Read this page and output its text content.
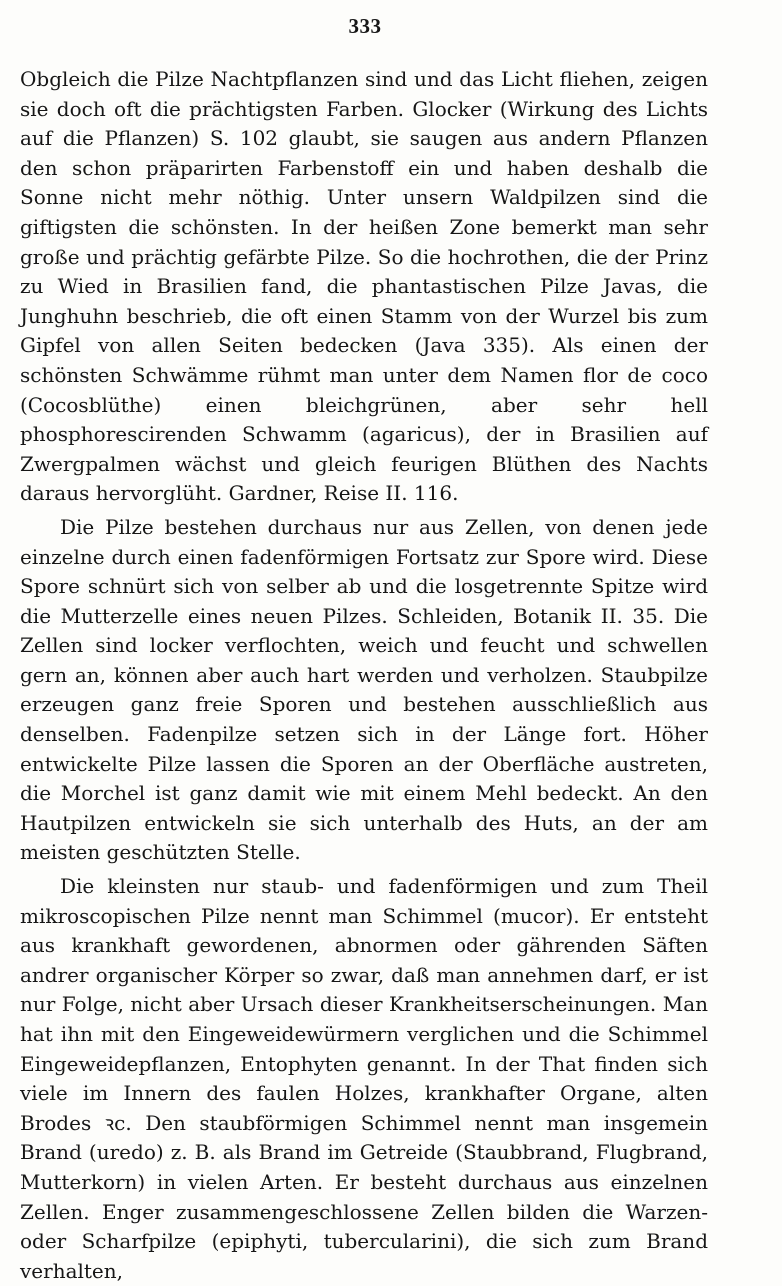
333

Obgleich die Pilze Nachtpflanzen sind und das Licht fliehen, zeigen sie doch oft die prächtigsten Farben. Glocker (Wirkung des Lichts auf die Pflanzen) S. 102 glaubt, sie saugen aus andern Pflanzen den schon präparirten Farbenstoff ein und haben deshalb die Sonne nicht mehr nöthig. Unter unsern Waldpilzen sind die giftigsten die schönsten. In der heißen Zone bemerkt man sehr große und prächtig gefärbte Pilze. So die hochrothen, die der Prinz zu Wied in Brasilien fand, die phantastischen Pilze Javas, die Junghuhn beschrieb, die oft einen Stamm von der Wurzel bis zum Gipfel von allen Seiten bedecken (Java 335). Als einen der schönsten Schwämme rühmt man unter dem Namen flor de coco (Cocosblüthe) einen bleichgrünen, aber sehr hell phosphorescirenden Schwamm (agaricus), der in Brasilien auf Zwergpalmen wächst und gleich feurigen Blüthen des Nachts daraus hervorglüht. Gardner, Reise II. 116.

Die Pilze bestehen durchaus nur aus Zellen, von denen jede einzelne durch einen fadenförmigen Fortsatz zur Spore wird. Diese Spore schnürt sich von selber ab und die losgetrennte Spitze wird die Mutterzelle eines neuen Pilzes. Schleiden, Botanik II. 35. Die Zellen sind locker verflochten, weich und feucht und schwellen gern an, können aber auch hart werden und verholzen. Staubpilze erzeugen ganz freie Sporen und bestehen ausschließlich aus denselben. Fadenpilze setzen sich in der Länge fort. Höher entwickelte Pilze lassen die Sporen an der Oberfläche austreten, die Morchel ist ganz damit wie mit einem Mehl bedeckt. An den Hautpilzen entwickeln sie sich unterhalb des Huts, an der am meisten geschützten Stelle.

Die kleinsten nur staub- und fadenförmigen und zum Theil mikroscopischen Pilze nennt man Schimmel (mucor). Er entsteht aus krankhaft gewordenen, abnormen oder gährenden Säften andrer organischer Körper so zwar, daß man annehmen darf, er ist nur Folge, nicht aber Ursach dieser Krankheitserscheinungen. Man hat ihn mit den Eingeweidewürmern verglichen und die Schimmel Eingeweidepflanzen, Entophyten genannt. In der That finden sich viele im Innern des faulen Holzes, krankhafter Organe, alten Brodes ꝛc. Den staubförmigen Schimmel nennt man insgemein Brand (uredo) z. B. als Brand im Getreide (Staubbrand, Flugbrand, Mutterkorn) in vielen Arten. Er besteht durchaus aus einzelnen Zellen. Enger zusammengeschlossene Zellen bilden die Warzen- oder Scharfpilze (epiphyti, tubercularini), die sich zum Brand verhalten,
